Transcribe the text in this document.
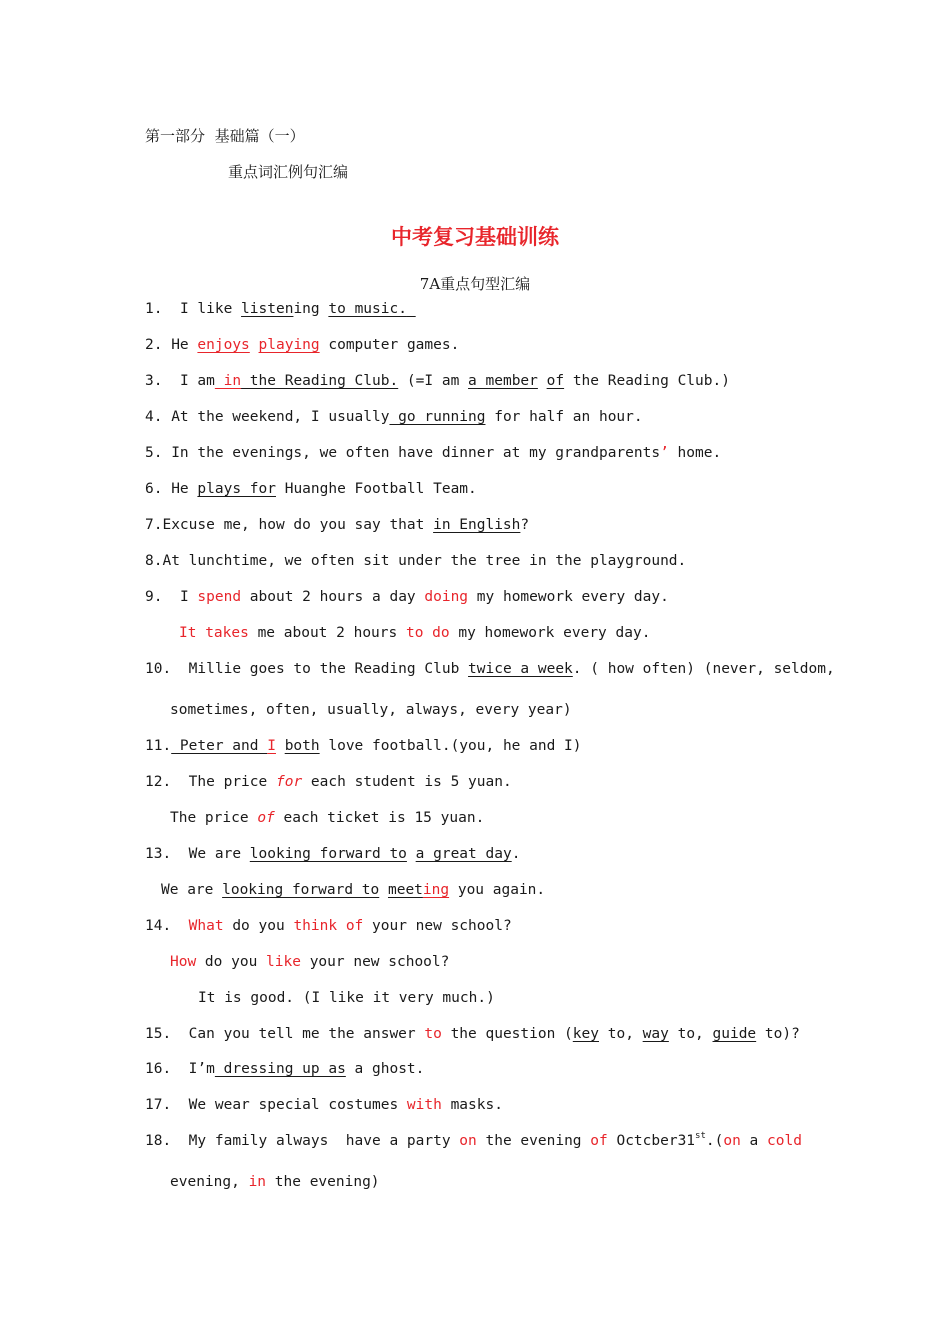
第一部分 基础篇（一）
重点词汇例句汇编
中考复习基础训练
7A重点句型汇编
1. I like listening to music.
2. He enjoys playing computer games.
3. I am in the Reading Club. (=I am a member of the Reading Club.)
4. At the weekend, I usually go running for half an hour.
5. In the evenings, we often have dinner at my grandparents’ home.
6. He plays for Huanghe Football Team.
7.Excuse me, how do you say that in English?
8.At lunchtime, we often sit under the tree in the playground.
9. I spend about 2 hours a day doing my homework every day.
It takes me about 2 hours to do my homework every day.
10. Millie goes to the Reading Club twice a week. ( how often) (never, seldom,
sometimes, often, usually, always, every year)
11. Peter and I both love football.(you, he and I)
12. The price for each student is 5 yuan.
The price of each ticket is 15 yuan.
13. We are looking forward to a great day.
We are looking forward to meeting you again.
14. What do you think of your new school?
How do you like your new school?
It is good. (I like it very much.)
15. Can you tell me the answer to the question (key to, way to, guide to)?
16. I’m dressing up as a ghost.
17. We wear special costumes with masks.
18. My family always  have a party on the evening of Octcber31st.(on a cold
evening, in the evening)
